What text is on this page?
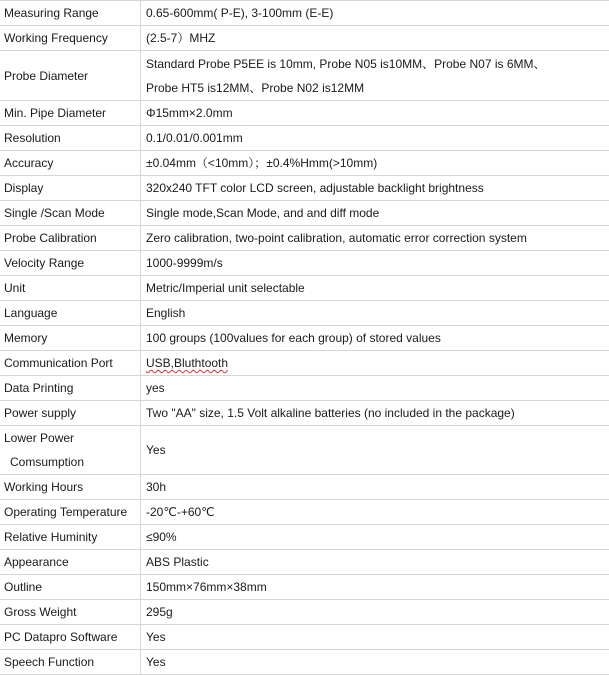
Measuring Range	0.65-600mm( P-E), 3-100mm (E-E)
Working Frequency	(2.5-7）MHZ
Probe Diameter	Standard Probe P5EE is 10mm, Probe N05 is10MM、Probe N07 is 6MM、
Probe HT5 is12MM、Probe N02 is12MM

Min. Pipe Diameter	Φ15mm×2.0mm
Resolution	0.1/0.01/0.001mm
Accuracy	±0.04mm（<10mm）；±0.4%Hmm(>10mm)
Display	320x240 TFT color LCD screen, adjustable backlight brightness
Single /Scan Mode	Single mode,Scan Mode, and and diff mode
Probe Calibration	Zero calibration, two-point calibration, automatic error correction system
Velocity Range	1000-9999m/s
Unit	Metric/Imperial unit selectable
Language	English
Memory	100 groups (100values for each group) of stored values
Communication Port	USB,Bluthtooth
Data Printing	yes
Power supply	Two "AA" size, 1.5 Volt alkaline batteries (no included in the package)

Lower Power
Comsumption	Yes
Working Hours	30h
Operating Temperature	-20℃-+60℃
Relative Huminity	≤90%
Appearance	ABS Plastic
Outline	150mm×76mm×38mm
Gross Weight	295g
PC Datapro Software	Yes
Speech Function	Yes
